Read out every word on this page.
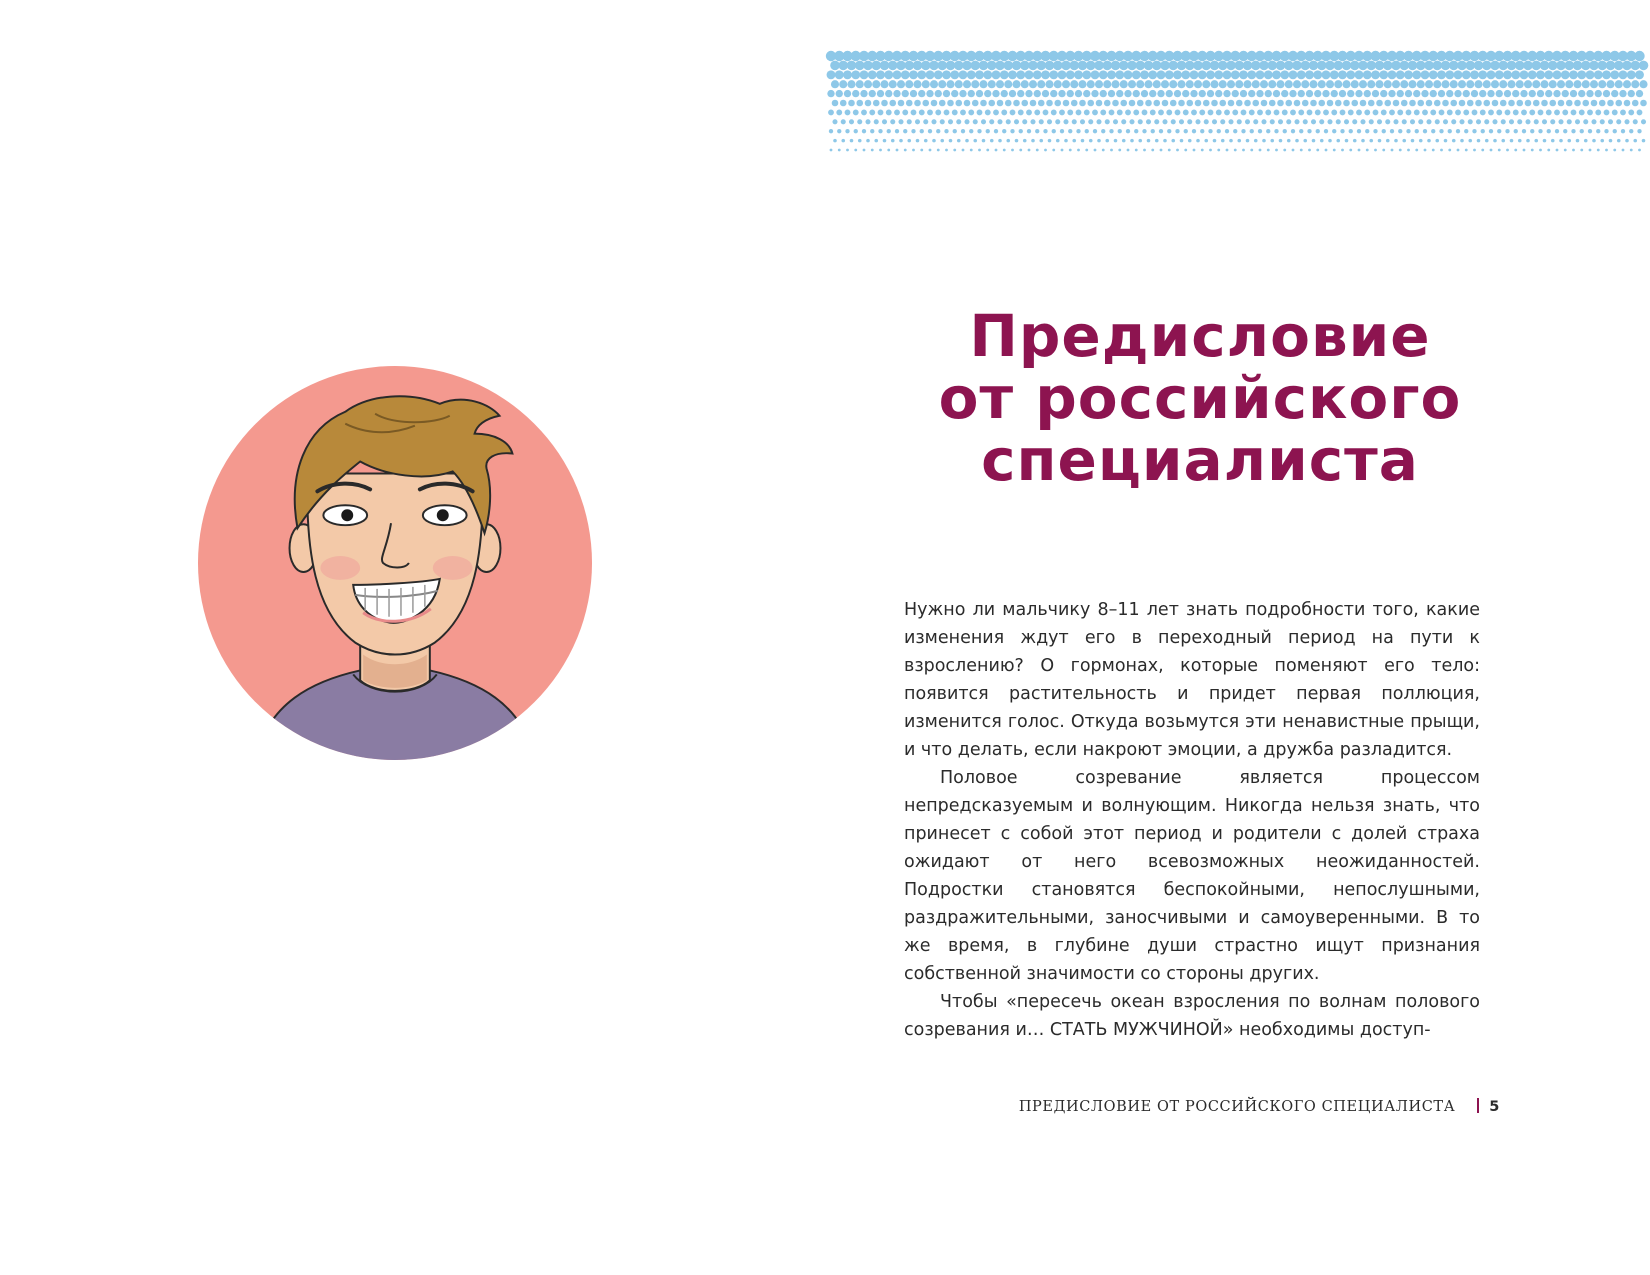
Предисловие
от российского
специалиста

Нужно ли мальчику 8–11 лет знать подробности того, какие изменения ждут его в переходный период на пути к взрослению? О гормонах, которые поменяют его тело: появится растительность и придет первая поллюция, изменится голос. Откуда возьмутся эти ненавистные прыщи, и что делать, если накроют эмоции, а дружба разладится.

Половое созревание является процессом непредсказуемым и волнующим. Никогда нельзя знать, что принесет с собой этот период и родители с долей страха ожидают от него всевозможных неожиданностей. Подростки становятся беспокойными, непослушными, раздражительными, заносчивыми и самоуверенными. В то же время, в глубине души страстно ищут признания собственной значимости со стороны других.

Чтобы «пересечь океан взросления по волнам полового созревания и… СТАТЬ МУЖЧИНОЙ» необходимы доступ-

ПРЕДИСЛОВИЕ ОТ РОССИЙСКОГО СПЕЦИАЛИСТА 5
